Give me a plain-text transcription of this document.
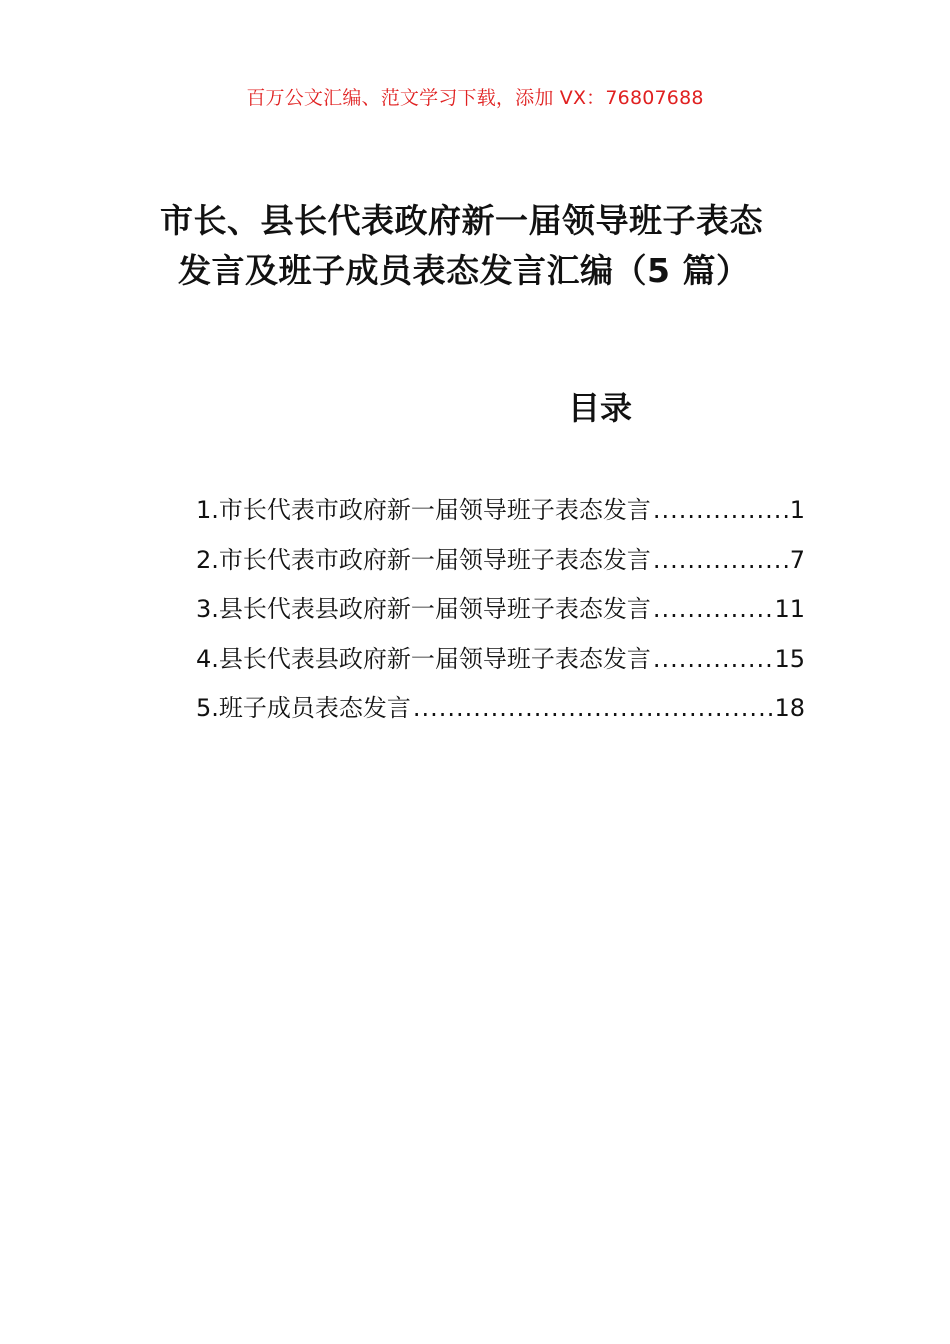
百万公文汇编、范文学习下载，添加 VX：76807688
市长、县长代表政府新一届领导班子表态
发言及班子成员表态发言汇编（5 篇）
目录
1.市长代表市政府新一届领导班子表态发言 .....	1
2.市长代表市政府新一届领导班子表态发言 .....	7
3.县长代表县政府新一届领导班子表态发言 .....	11
4.县长代表县政府新一届领导班子表态发言 .....	15
5.班子成员表态发言 .....	18
